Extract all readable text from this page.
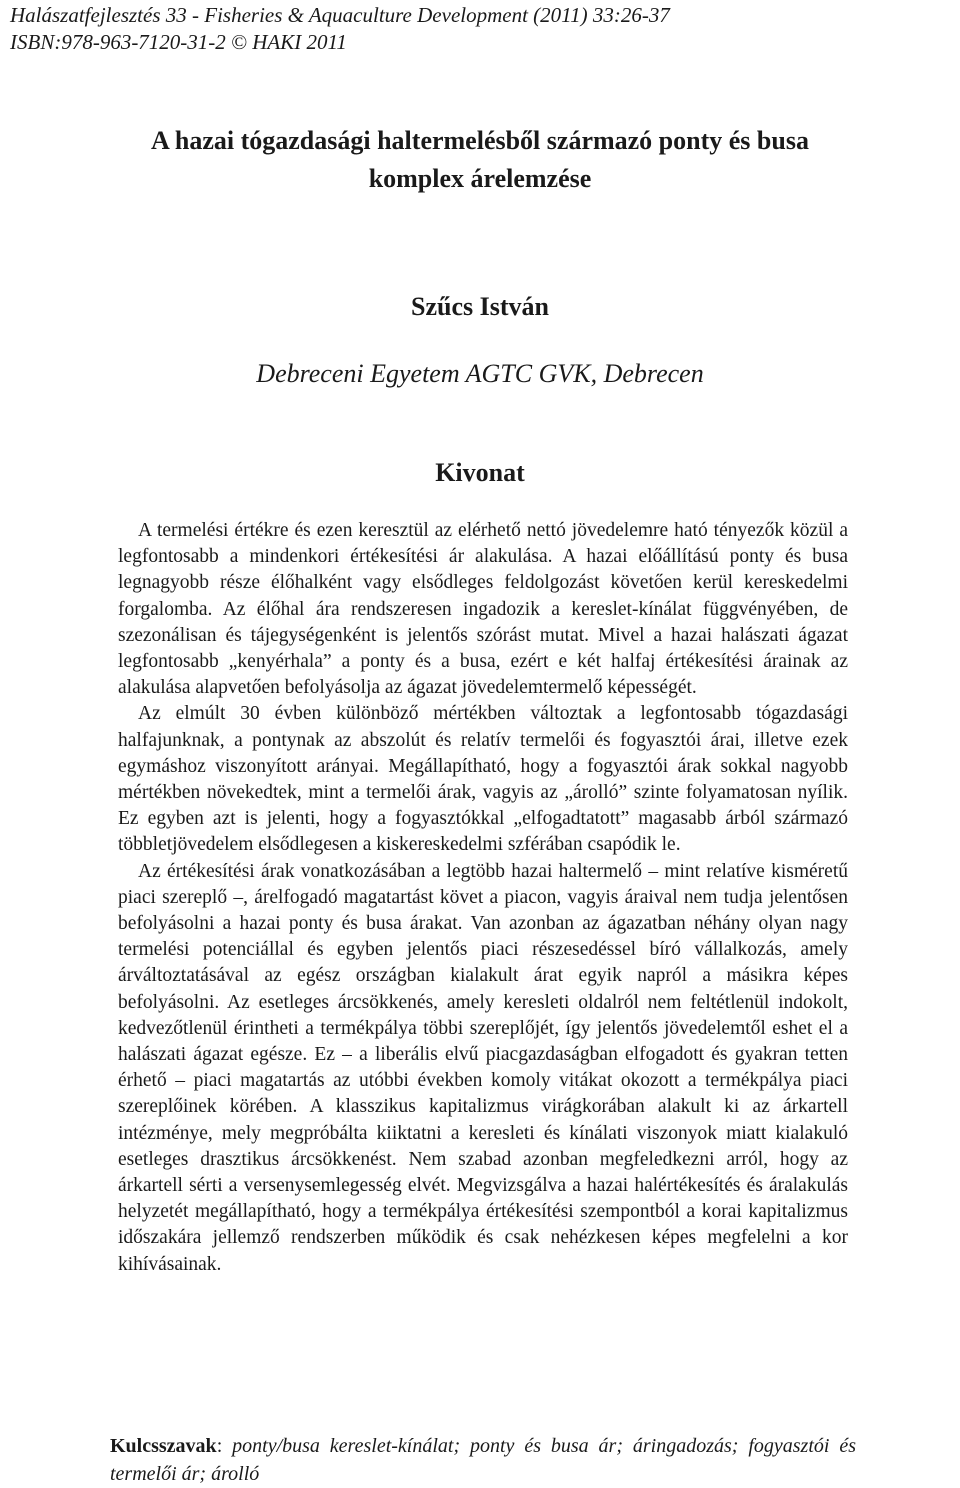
Halászatfejlesztés 33 - Fisheries & Aquaculture Development (2011) 33:26-37
ISBN:978-963-7120-31-2 © HAKI 2011
A hazai tógazdasági haltermelésből származó ponty és busa
komplex árelemzése
Szűcs István
Debreceni Egyetem AGTC GVK, Debrecen
Kivonat

A termelési értékre és ezen keresztül az elérhető nettó jövedelemre ható tényezők közül a legfontosabb a mindenkori értékesítési ár alakulása. A hazai előállítású ponty és busa legnagyobb része élőhalként vagy elsődleges feldolgozást követően kerül kereskedelmi forgalomba. Az élőhal ára rendszeresen ingadozik a kereslet-kínálat függvényében, de szezonálisan és tájegységenként is jelentős szórást mutat. Mivel a hazai halászati ágazat legfontosabb „kenyérhala” a ponty és a busa, ezért e két halfaj értékesítési árainak az alakulása alapvetően befolyásolja az ágazat jövedelemtermelő képességét.

Az elmúlt 30 évben különböző mértékben változtak a legfontosabb tógazdasági halfajunknak, a pontynak az abszolút és relatív termelői és fogyasztói árai, illetve ezek egymáshoz viszonyított arányai. Megállapítható, hogy a fogyasztói árak sokkal nagyobb mértékben növekedtek, mint a termelői árak, vagyis az „árolló” szinte folyamatosan nyílik. Ez egyben azt is jelenti, hogy a fogyasztókkal „elfogadtatott” magasabb árból származó többletjövedelem elsődlegesen a kiskereskedelmi szférában csapódik le.

Az értékesítési árak vonatkozásában a legtöbb hazai haltermelő – mint relatíve kisméretű piaci szereplő –, árelfogadó magatartást követ a piacon, vagyis áraival nem tudja jelentősen befolyásolni a hazai ponty és busa árakat. Van azonban az ágazatban néhány olyan nagy termelési potenciállal és egyben jelentős piaci részesedéssel bíró vállalkozás, amely árváltoztatásával az egész országban kialakult árat egyik napról a másikra képes befolyásolni. Az esetleges árcsökkenés, amely keresleti oldalról nem feltétlenül indokolt, kedvezőtlenül érintheti a termékpálya többi szereplőjét, így jelentős jövedelemtől eshet el a halászati ágazat egésze. Ez – a liberális elvű piacgazdaságban elfogadott és gyakran tetten érhető – piaci magatartás az utóbbi években komoly vitákat okozott a termékpálya piaci szereplőinek körében. A klasszikus kapitalizmus virágkorában alakult ki az árkartell intézménye, mely megpróbálta kiiktatni a keresleti és kínálati viszonyok miatt kialakuló esetleges drasztikus árcsökkenést. Nem szabad azonban megfeledkezni arról, hogy az árkartell sérti a versenysemlegesség elvét. Megvizsgálva a hazai halértékesítés és áralakulás helyzetét megállapítható, hogy a termékpálya értékesítési szempontból a korai kapitalizmus időszakára jellemző rendszerben működik és csak nehézkesen képes megfelelni a kor kihívásainak.

Kulcsszavak: ponty/busa kereslet-kínálat; ponty és busa ár; áringadozás; fogyasztói és termelői ár; árolló
